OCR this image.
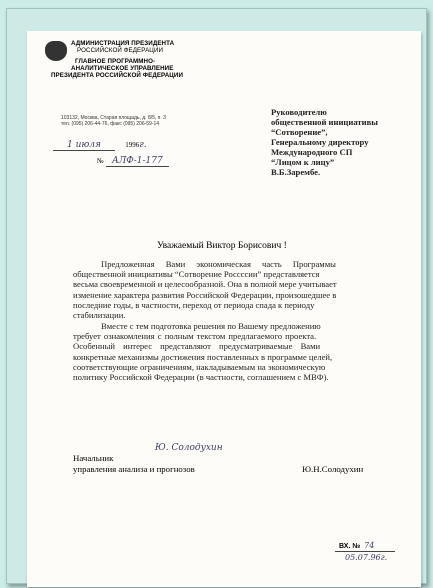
АДМИНИСТРАЦИЯ ПРЕЗИДЕНТА
РОССИЙСКОЙ ФЕДЕРАЦИИ
ГЛАВНОЕ ПРОГРАММНО-
АНАЛИТИЧЕСКОЕ УПРАВЛЕНИЕ
ПРЕЗИДЕНТА РОССИЙСКОЙ ФЕДЕРАЦИИ
103132, Москва, Старая площадь, д. 8/5, п. 3
тел. (095) 206-44-76, факс (095) 206-59-14
1 июля	1996г.
№ АЛФ-1-177
Руководителю
общественной инициативы
“Сотворение”,
Генеральному директору
Международного СП
“Лицом к лицу”
В.Б.Зарембе.
Уважаемый Виктор Борисович !
Предложенная Вами экономическая часть Программы
общественной инициативы “Сотворение Россссии” представляется
весьма своевременной и целесообразной. Она в полной мере учитывает
изменение характера развития Российской Федерации, произошедшее в
последние годы, в частности, переход от периода спада к периоду
стабилизации.
Вместе с тем подготовка решения по Вашему предложению
требует ознакомления с полным текстом предлагаемого проекта.
Особенный интерес представляют предусматриваемые Вами
конкретные механизмы достижения поставленных в программе целей,
соответствующие ограничениям, накладываемым на экономическую
политику Российской Федерации (в частности, соглашением с МВФ).
Начальник
управления анализа и прогнозов
Ю. Солодухин
Ю.Н.Солодухин
ВХ. № 74
05.07.96г.
